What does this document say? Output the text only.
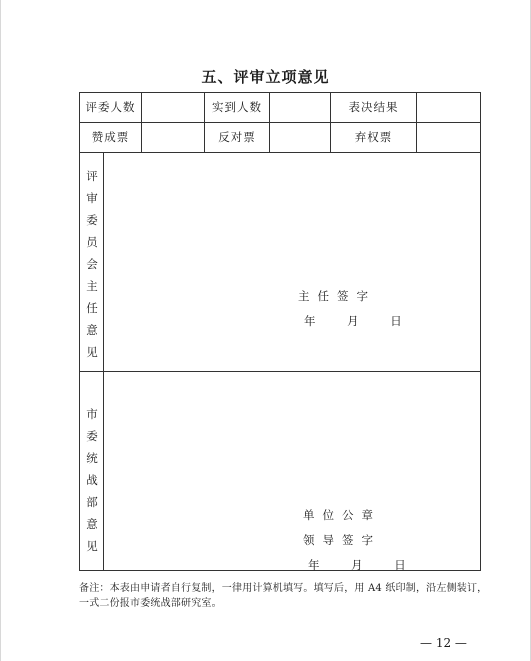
五、评审立项意见
评委人数	实到人数	表决结果
赞成票	反对票	弃权票
评
审
委
员
会
主
任
意
见
主任签字
年 月 日
市
委
统
战
部
意
见
单位公章
领导签字
年 月 日
备注：本表由申请者自行复制，一律用计算机填写。填写后，用 A4 纸印制，沿左侧装订，一式二份报市委统战部研究室。
— 12 —
